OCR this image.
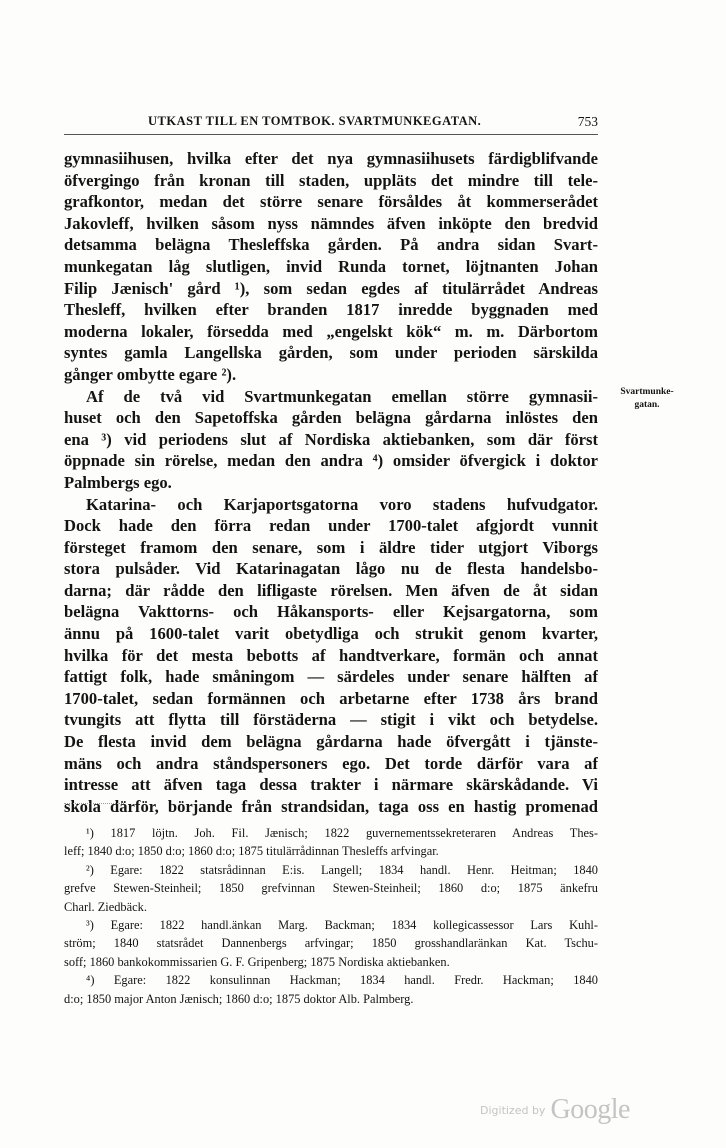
UTKAST TILL EN TOMTBOK. SVARTMUNKEGATAN.	753
gymnasiihusen, hvilka efter det nya gymnasiihusets färdigblifvande
öfvergingo från kronan till staden, uppläts det mindre till tele-
grafkontor, medan det större senare försåldes åt kommerserådet
Jakovleff, hvilken såsom nyss nämndes äfven inköpte den bredvid
detsamma belägna Thesleffska gården. På andra sidan Svart-
munkegatan låg slutligen, invid Runda tornet, löjtnanten Johan
Filip Jænisch' gård ¹), som sedan egdes af titulärrådet Andreas
Thesleff, hvilken efter branden 1817 inredde byggnaden med
moderna lokaler, försedda med „engelskt kök“ m. m. Därbortom
syntes gamla Langellska gården, som under perioden särskilda
gånger ombytte egare ²).
Af de två vid Svartmunkegatan emellan större gymnasii-
huset och den Sapetoffska gården belägna gårdarna inlöstes den
ena ³) vid periodens slut af Nordiska aktiebanken, som där först
öppnade sin rörelse, medan den andra ⁴) omsider öfvergick i doktor
Palmbergs ego.
Katarina- och Karjaportsgatorna voro stadens hufvudgator.
Dock hade den förra redan under 1700-talet afgjordt vunnit
försteget framom den senare, som i äldre tider utgjort Viborgs
stora pulsåder. Vid Katarinagatan lågo nu de flesta handelsbo-
darna; där rådde den lifligaste rörelsen. Men äfven de åt sidan
belägna Vakttorns- och Håkansports- eller Kejsargatorna, som
ännu på 1600-talet varit obetydliga och strukit genom kvarter,
hvilka för det mesta bebotts af handtverkare, formän och annat
fattigt folk, hade småningom — särdeles under senare hälften af
1700-talet, sedan formännen och arbetarne efter 1738 års brand
tvungits att flytta till förstäderna — stigit i vikt och betydelse.
De flesta invid dem belägna gårdarna hade öfvergått i tjänste-
mäns och andra ståndspersoners ego. Det torde därför vara af
intresse att äfven taga dessa trakter i närmare skärskådande. Vi
skola därför, börjande från strandsidan, taga oss en hastig promenad
Svartmunke-
gatan.
¹) 1817 löjtn. Joh. Fil. Jænisch; 1822 guvernementssekreteraren Andreas Thes-
leff; 1840 d:o; 1850 d:o; 1860 d:o; 1875 titulärrådinnan Thesleffs arfvingar.
²) Egare: 1822 statsrådinnan E:is. Langell; 1834 handl. Henr. Heitman; 1840
grefve Stewen-Steinheil; 1850 grefvinnan Stewen-Steinheil; 1860 d:o; 1875 änkefru
Charl. Ziedbäck.
³) Egare: 1822 handl.änkan Marg. Backman; 1834 kollegicassessor Lars Kuhl-
ström; 1840 statsrådet Dannenbergs arfvingar; 1850 grosshandlaränkan Kat. Tschu-
soff; 1860 bankokommissarien G. F. Gripenberg; 1875 Nordiska aktiebanken.
⁴) Egare: 1822 konsulinnan Hackman; 1834 handl. Fredr. Hackman; 1840
d:o; 1850 major Anton Jænisch; 1860 d:o; 1875 doktor Alb. Palmberg.
$^{Digitized by}$ Google
